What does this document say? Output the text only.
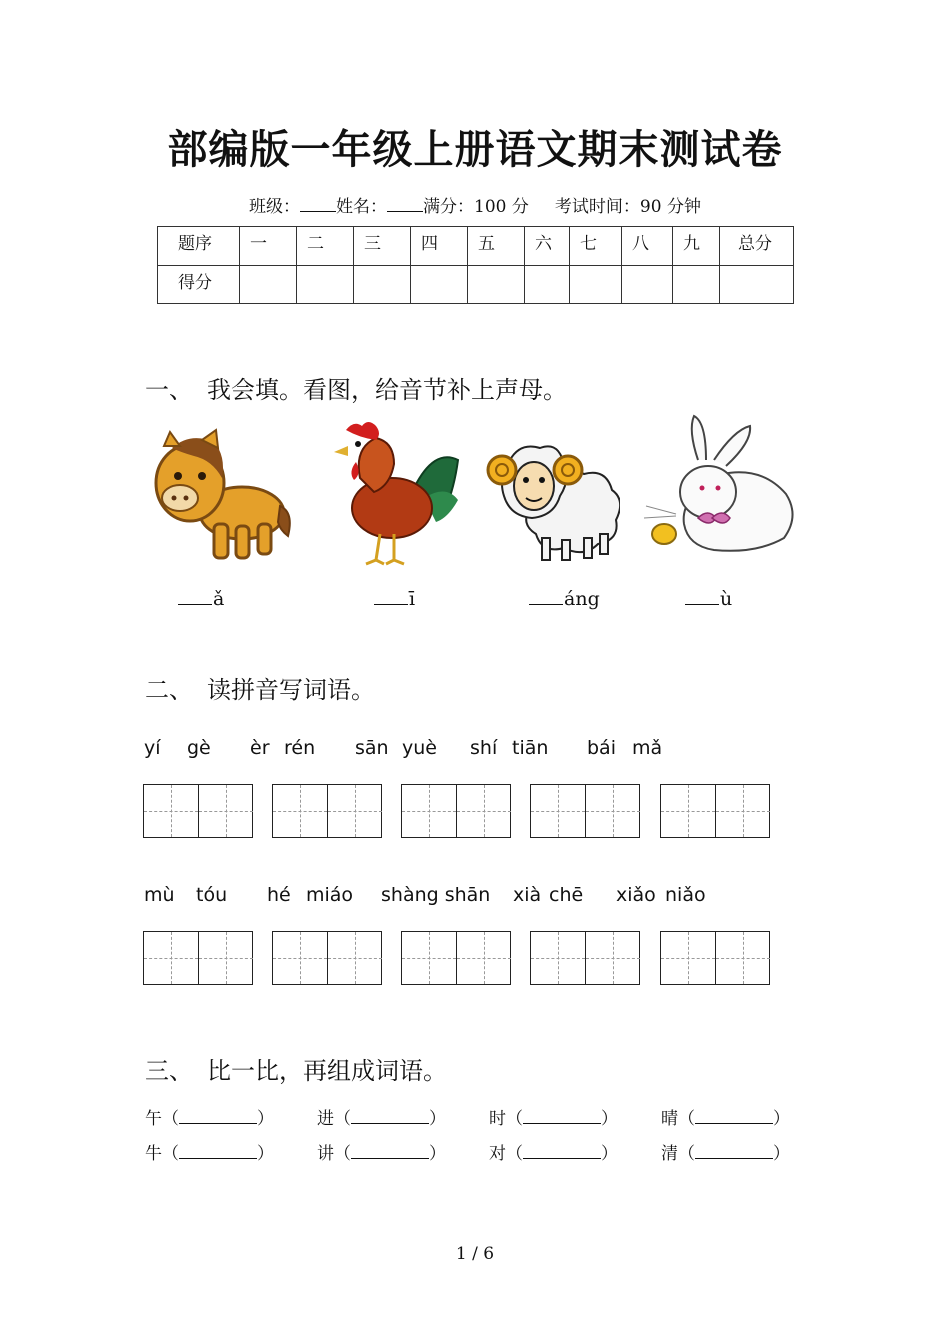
部编版一年级上册语文期末测试卷
班级： 姓名： 满分：100 分 考试时间：90 分钟
题序	一	二	三	四	五	六	七	八	九	总分
得分										
一、 我会填。看图，给音节补上声母。
ǎ	ī	áng	ù
二、 读拼音写词语。
yí gè èr rén sān yuè shí tiān bái mǎ
mù tóu hé miáo shàng shān xià chē xiǎo niǎo
三、 比一比，再组成词语。
午（	）	进（	）	时（	）	晴（	）
牛（	）	讲（	）	对（	）	清（	）
1 / 6
